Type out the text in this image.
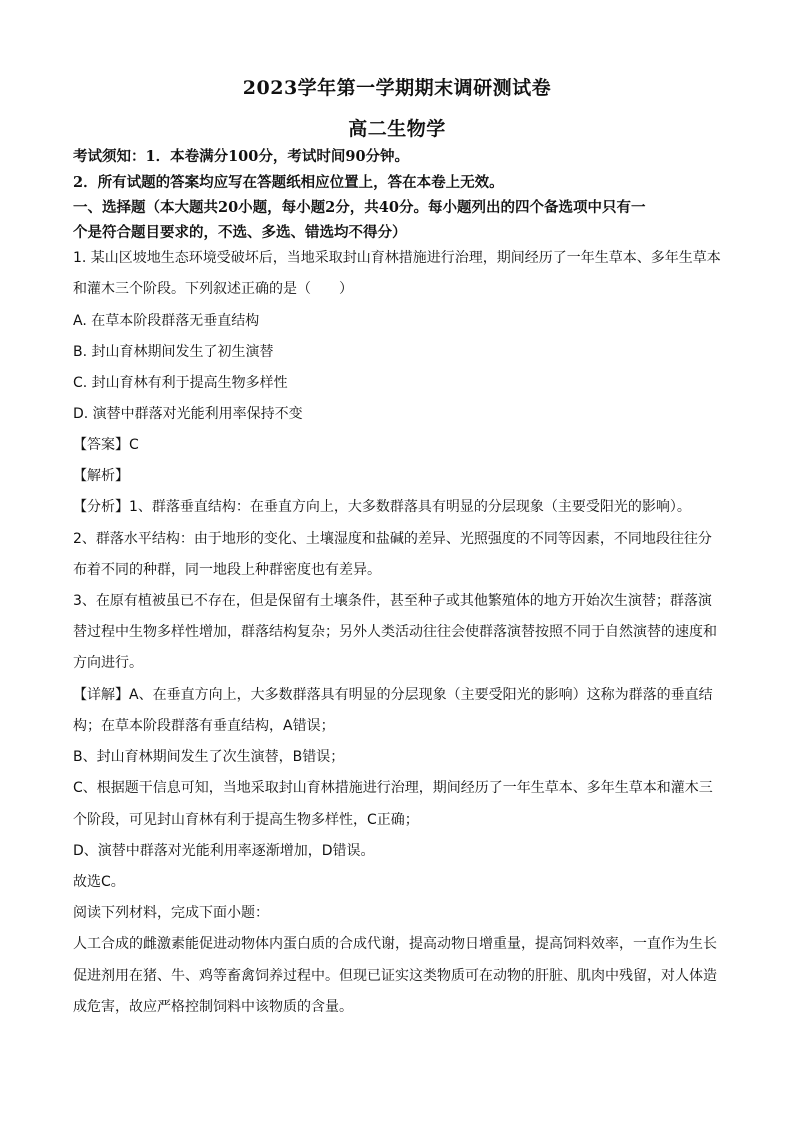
2023学年第一学期期末调研测试卷
高二生物学
考试须知：1．本卷满分100分，考试时间90分钟。
2．所有试题的答案均应写在答题纸相应位置上，答在本卷上无效。
一、选择题（本大题共20小题，每小题2分，共40分。每小题列出的四个备选项中只有一
个是符合题目要求的，不选、多选、错选均不得分）
1. 某山区坡地生态环境受破坏后，当地采取封山育林措施进行治理，期间经历了一年生草本、多年生草本
和灌木三个阶段。下列叙述正确的是（　　）
A. 在草本阶段群落无垂直结构
B. 封山育林期间发生了初生演替
C. 封山育林有利于提高生物多样性
D. 演替中群落对光能利用率保持不变
【答案】C
【解析】
【分析】1、群落垂直结构：在垂直方向上，大多数群落具有明显的分层现象（主要受阳光的影响）。
2、群落水平结构：由于地形的变化、土壤湿度和盐碱的差异、光照强度的不同等因素，不同地段往往分
布着不同的种群，同一地段上种群密度也有差异。
3、在原有植被虽已不存在，但是保留有土壤条件，甚至种子或其他繁殖体的地方开始次生演替；群落演
替过程中生物多样性增加，群落结构复杂；另外人类活动往往会使群落演替按照不同于自然演替的速度和
方向进行。
【详解】A、在垂直方向上，大多数群落具有明显的分层现象（主要受阳光的影响）这称为群落的垂直结
构；在草本阶段群落有垂直结构，A错误；
B、封山育林期间发生了次生演替，B错误；
C、根据题干信息可知，当地采取封山育林措施进行治理，期间经历了一年生草本、多年生草本和灌木三
个阶段，可见封山育林有利于提高生物多样性，C正确；
D、演替中群落对光能利用率逐渐增加，D错误。
故选C。
阅读下列材料，完成下面小题：
人工合成的雌激素能促进动物体内蛋白质的合成代谢，提高动物日增重量，提高饲料效率，一直作为生长
促进剂用在猪、牛、鸡等畜禽饲养过程中。但现已证实这类物质可在动物的肝脏、肌肉中残留，对人体造
成危害，故应严格控制饲料中该物质的含量。
